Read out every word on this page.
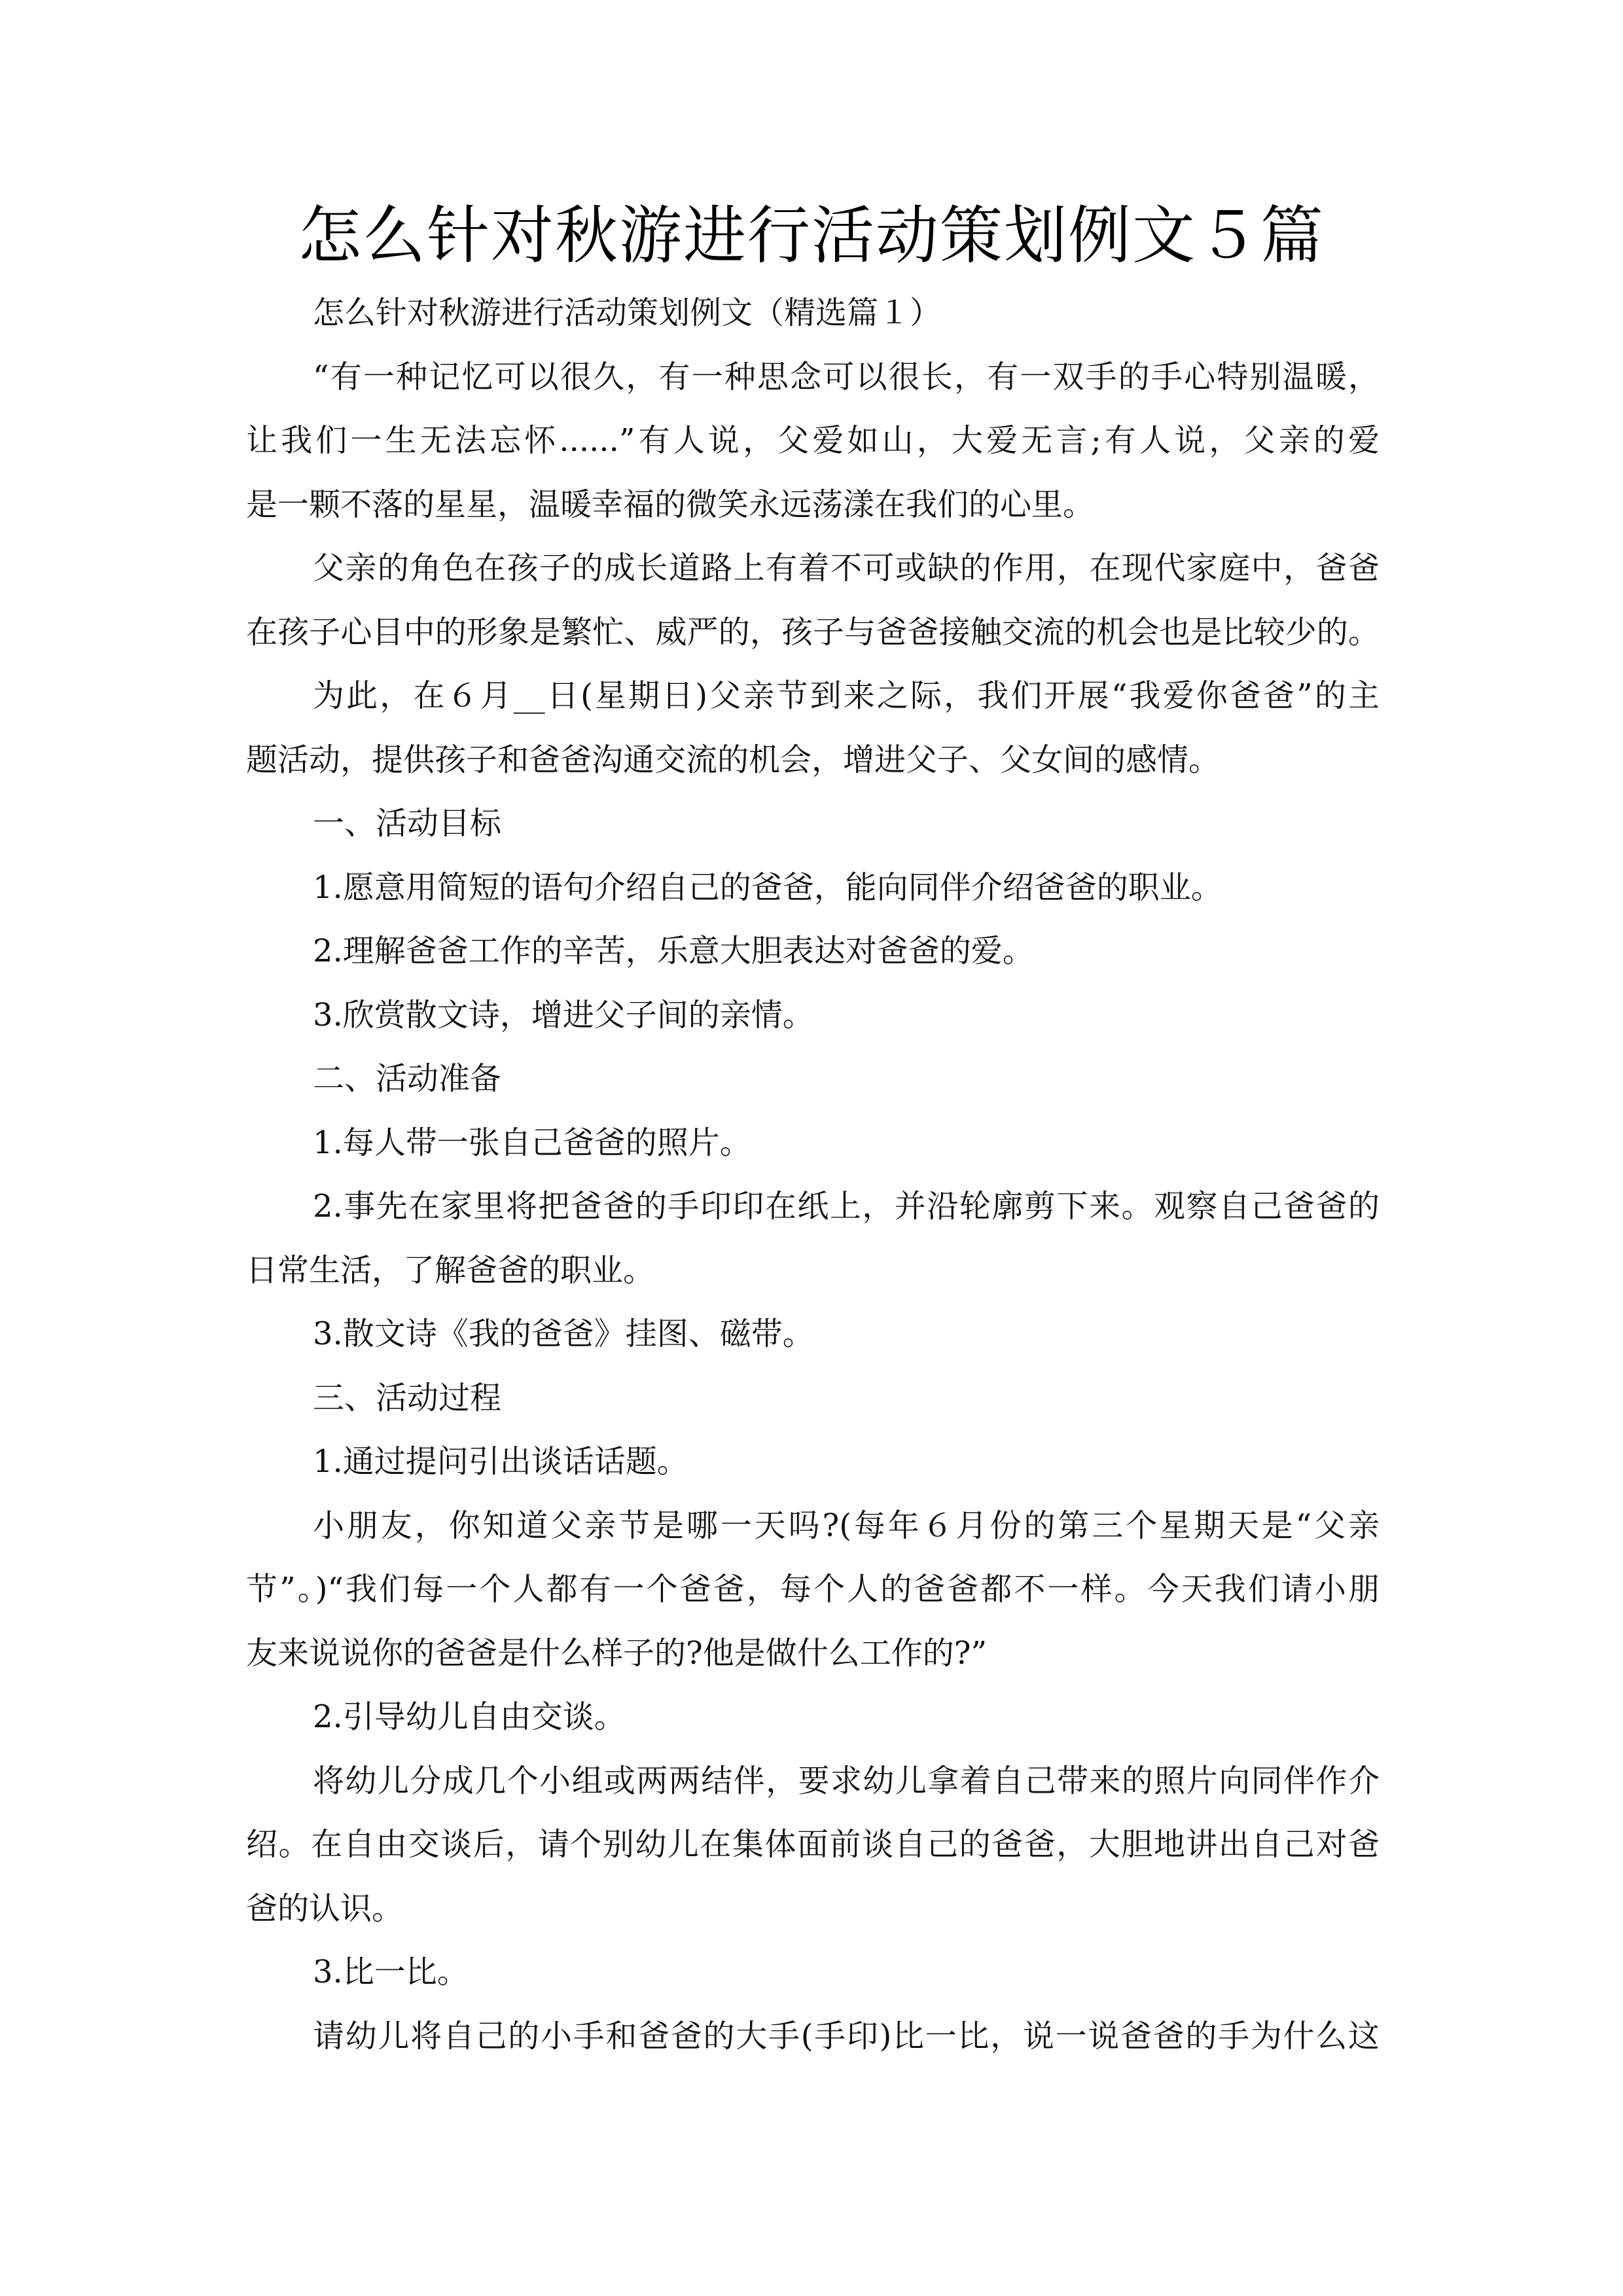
怎么针对秋游进行活动策划例文５篇
怎么针对秋游进行活动策划例文（精选篇１）
“有一种记忆可以很久，有一种思念可以很长，有一双手的手心特别温暖，
让我们一生无法忘怀......”有人说，父爱如山，大爱无言;有人说，父亲的爱
是一颗不落的星星，温暖幸福的微笑永远荡漾在我们的心里。
父亲的角色在孩子的成长道路上有着不可或缺的作用，在现代家庭中，爸爸
在孩子心目中的形象是繁忙、威严的，孩子与爸爸接触交流的机会也是比较少的。
为此，在６月__日(星期日)父亲节到来之际，我们开展“我爱你爸爸”的主
题活动，提供孩子和爸爸沟通交流的机会，增进父子、父女间的感情。
一、活动目标
1.愿意用简短的语句介绍自己的爸爸，能向同伴介绍爸爸的职业。
2.理解爸爸工作的辛苦，乐意大胆表达对爸爸的爱。
3.欣赏散文诗，增进父子间的亲情。
二、活动准备
1.每人带一张自己爸爸的照片。
2.事先在家里将把爸爸的手印印在纸上，并沿轮廓剪下来。观察自己爸爸的
日常生活，了解爸爸的职业。
3.散文诗《我的爸爸》挂图、磁带。
三、活动过程
1.通过提问引出谈话话题。
小朋友，你知道父亲节是哪一天吗?(每年６月份的第三个星期天是“父亲
节”。)“我们每一个人都有一个爸爸，每个人的爸爸都不一样。今天我们请小朋
友来说说你的爸爸是什么样子的?他是做什么工作的?”
2.引导幼儿自由交谈。
将幼儿分成几个小组或两两结伴，要求幼儿拿着自己带来的照片向同伴作介
绍。在自由交谈后，请个别幼儿在集体面前谈自己的爸爸，大胆地讲出自己对爸
爸的认识。
3.比一比。
请幼儿将自己的小手和爸爸的大手(手印)比一比，说一说爸爸的手为什么这
